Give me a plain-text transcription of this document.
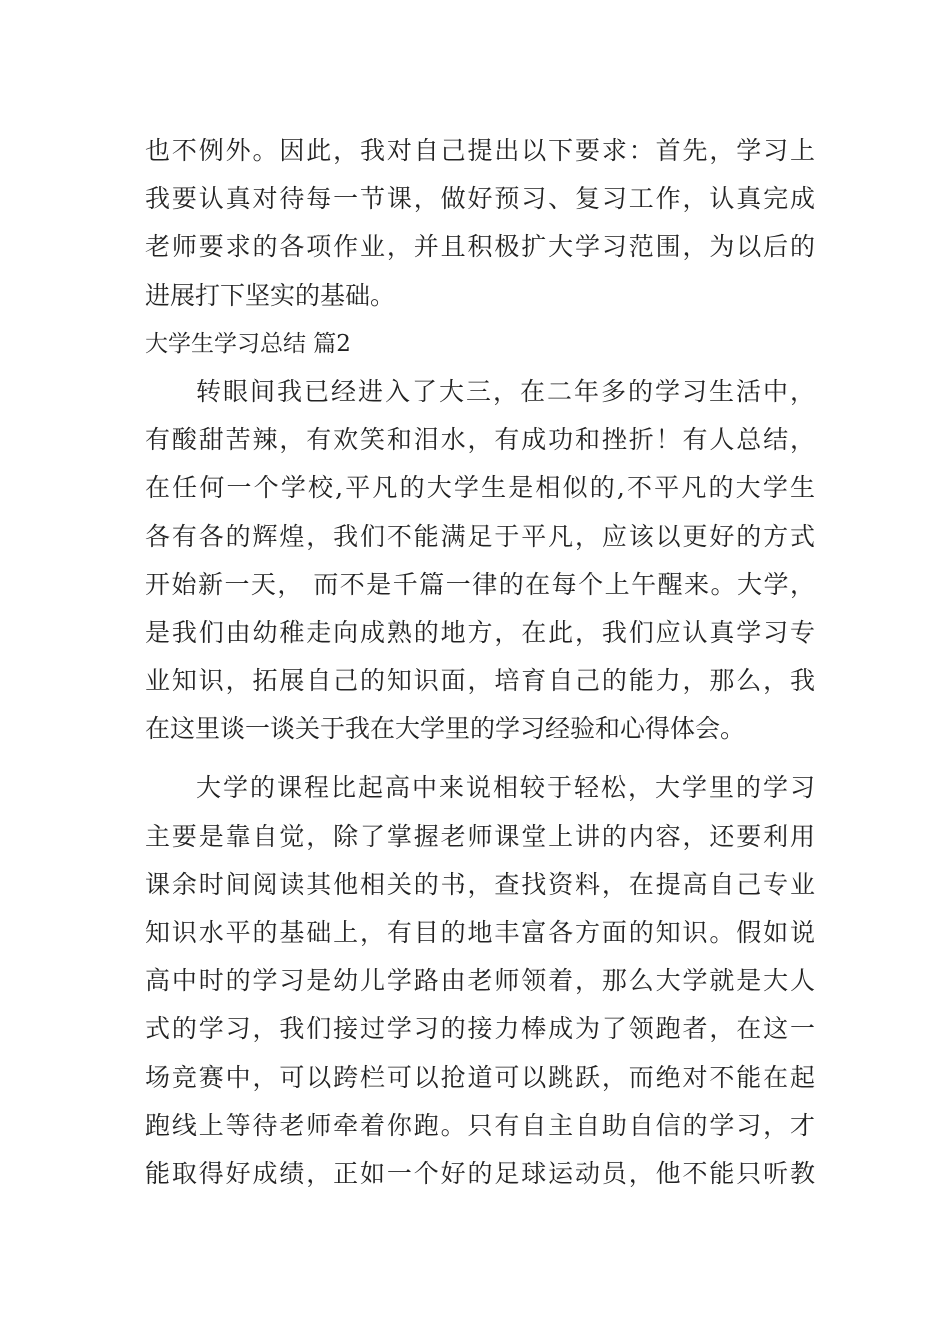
也不例外。因此，我对自己提出以下要求：首先，学习上
我要认真对待每一节课，做好预习、复习工作，认真完成
老师要求的各项作业，并且积极扩大学习范围，为以后的
进展打下坚实的基础。
大学生学习总结 篇2
转眼间我已经进入了大三，在二年多的学习生活中，
有酸甜苦辣，有欢笑和泪水，有成功和挫折！有人总结，
在任何一个学校,平凡的大学生是相似的,不平凡的大学生
各有各的辉煌，我们不能满足于平凡，应该以更好的方式
开始新一天， 而不是千篇一律的在每个上午醒来。大学，
是我们由幼稚走向成熟的地方，在此，我们应认真学习专
业知识，拓展自己的知识面，培育自己的能力，那么，我
在这里谈一谈关于我在大学里的学习经验和心得体会。
大学的课程比起高中来说相较于轻松，大学里的学习
主要是靠自觉，除了掌握老师课堂上讲的内容，还要利用
课余时间阅读其他相关的书，查找资料，在提高自己专业
知识水平的基础上，有目的地丰富各方面的知识。假如说
高中时的学习是幼儿学路由老师领着，那么大学就是大人
式的学习，我们接过学习的接力棒成为了领跑者，在这一
场竞赛中，可以跨栏可以抢道可以跳跃，而绝对不能在起
跑线上等待老师牵着你跑。只有自主自助自信的学习，才
能取得好成绩，正如一个好的足球运动员，他不能只听教
